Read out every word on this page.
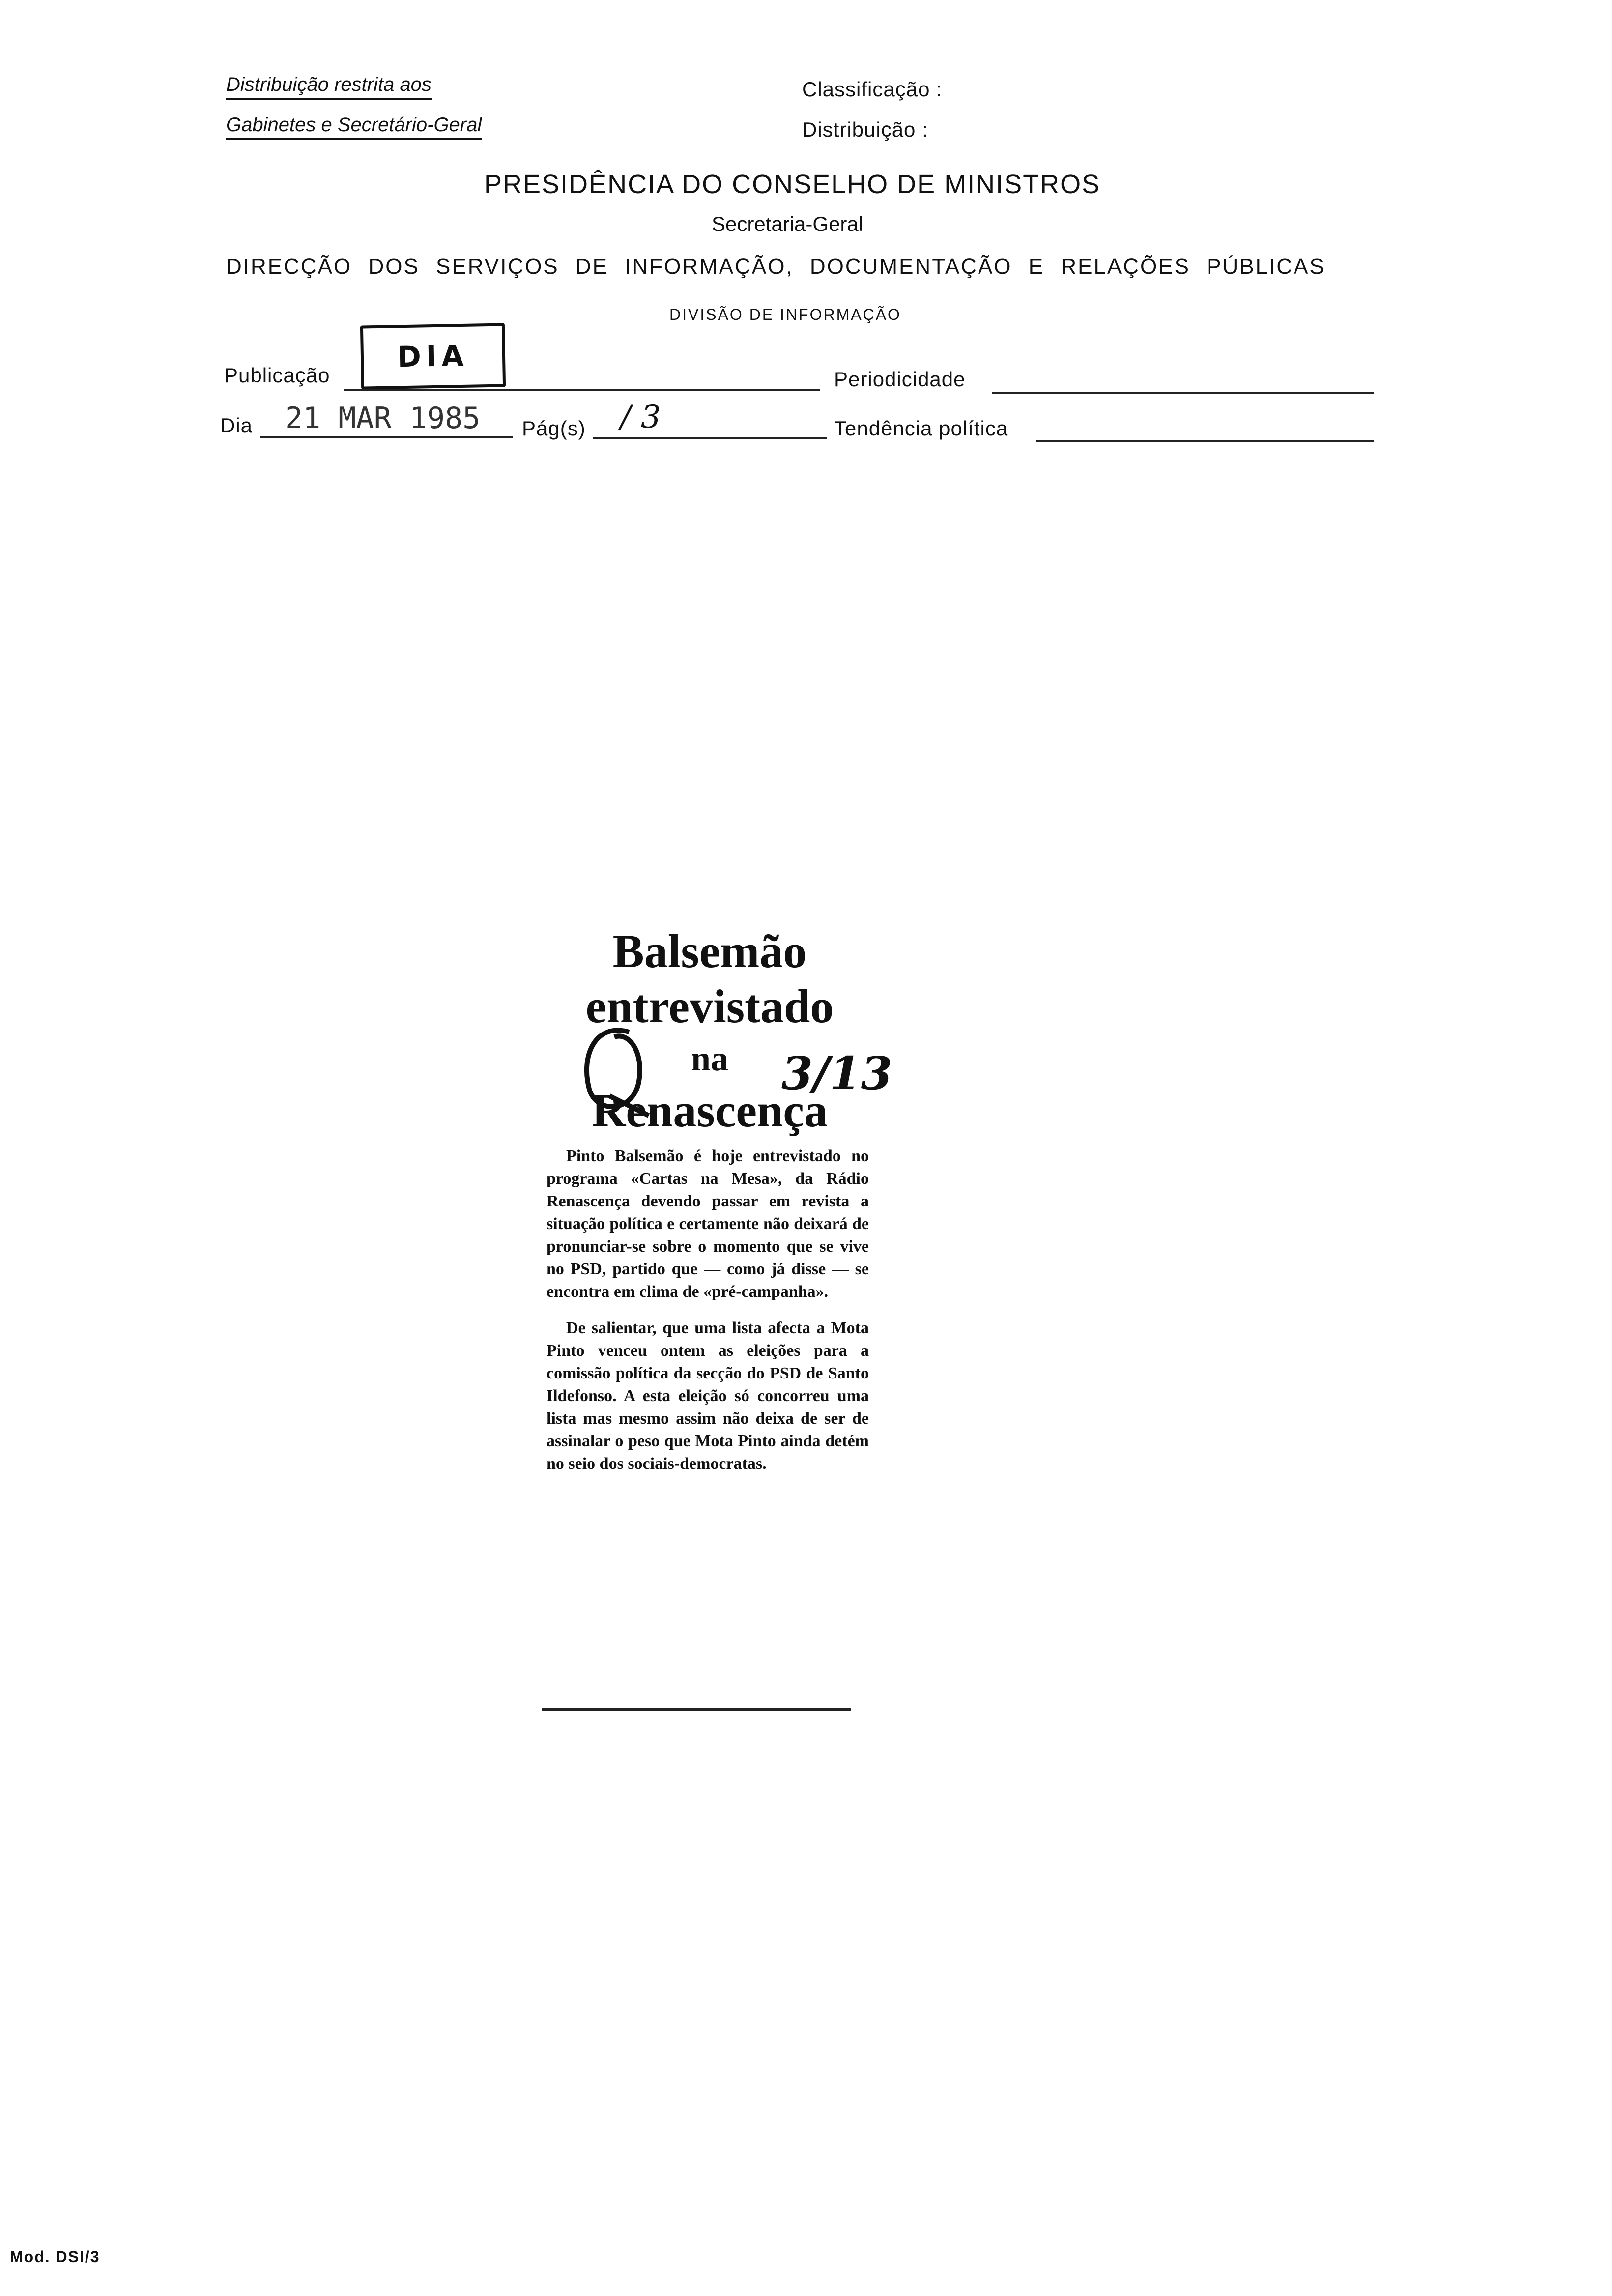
Distribuição restrita aos
Gabinetes e Secretário-Geral
Classificação :
Distribuição :
PRESIDÊNCIA DO CONSELHO DE MINISTROS
Secretaria-Geral
DIRECÇÃO DOS SERVIÇOS DE INFORMAÇÃO, DOCUMENTAÇÃO E RELAÇÕES PÚBLICAS
DIVISÃO DE INFORMAÇÃO
Publicação
DIA
Periodicidade
Dia 21 MAR 1985 Pág(s) / 3	Tendência política
Balsemão
entrevistado
na
Renascença
3/13

Pinto Balsemão é hoje entrevistado no programa «Cartas na Mesa», da Rádio Renascença devendo passar em revista a situação política e certamente não deixará de pronunciar-se sobre o momento que se vive no PSD, partido que — como já disse — se encontra em clima de «pré-campanha».

De salientar, que uma lista afecta a Mota Pinto venceu ontem as eleições para a comissão política da secção do PSD de Santo Ildefonso. A esta eleição só concorreu uma lista mas mesmo assim não deixa de ser de assinalar o peso que Mota Pinto ainda detém no seio dos sociais-democratas.

Mod. DSI/3
